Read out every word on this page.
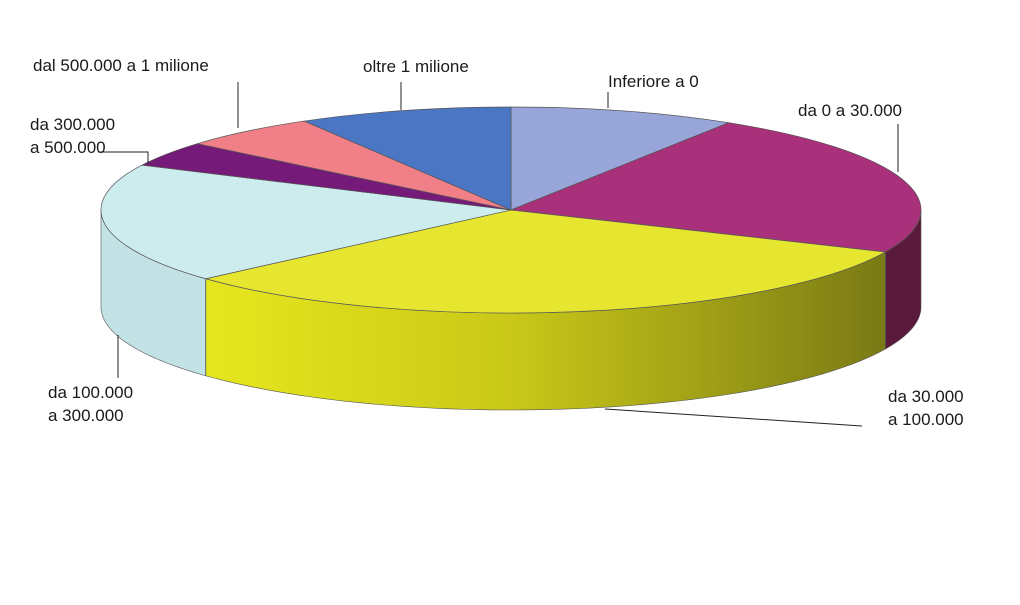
Inferiore a 0
da 0 a 30.000
da 30.000 a 100.000
da 100.000 a 300.000
da 300.000 a 500.000
dal 500.000 a 1 milione	oltre 1 milione
